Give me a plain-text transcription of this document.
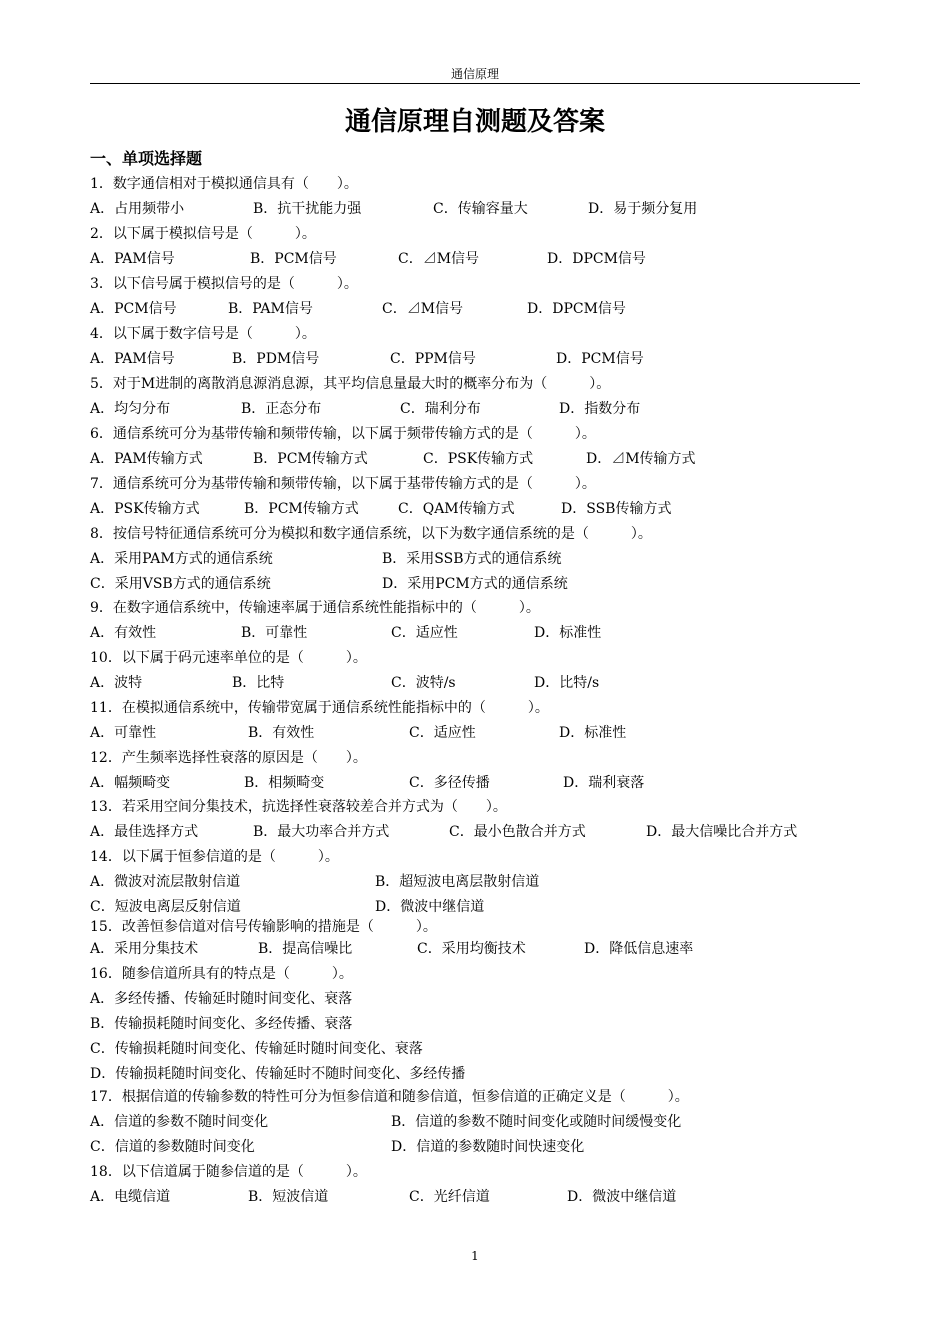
通信原理
通信原理自测题及答案
一、单项选择题
1．数字通信相对于模拟通信具有（　　）。
A．占用频带小	B．抗干扰能力强	C．传输容量大	D．易于频分复用
2．以下属于模拟信号是（　　　）。
A．PAM信号	B．PCM信号	C．⊿M信号	D．DPCM信号
3．以下信号属于模拟信号的是（　　　）。
A．PCM信号	B．PAM信号	C．⊿M信号	D．DPCM信号
4．以下属于数字信号是（　　　）。
A．PAM信号	B．PDM信号	C．PPM信号	D．PCM信号
5．对于M进制的离散消息源消息源，其平均信息量最大时的概率分布为（　　　）。
A．均匀分布	B．正态分布	C．瑞利分布	D．指数分布
6．通信系统可分为基带传输和频带传输，以下属于频带传输方式的是（　　　）。
A．PAM传输方式	B．PCM传输方式	C．PSK传输方式	D．⊿M传输方式
7．通信系统可分为基带传输和频带传输，以下属于基带传输方式的是（　　　）。
A．PSK传输方式	B．PCM传输方式	C．QAM传输方式	D．SSB传输方式
8．按信号特征通信系统可分为模拟和数字通信系统，以下为数字通信系统的是（　　　）。
A．采用PAM方式的通信系统	B．采用SSB方式的通信系统
C．采用VSB方式的通信系统	D．采用PCM方式的通信系统
9．在数字通信系统中，传输速率属于通信系统性能指标中的（　　　）。
A．有效性	B．可靠性	C．适应性	D．标准性
10．以下属于码元速率单位的是（　　　）。
A．波特	B．比特	C．波特/s	D．比特/s
11．在模拟通信系统中，传输带宽属于通信系统性能指标中的（　　　）。
A．可靠性	B．有效性	C．适应性	D．标准性
12．产生频率选择性衰落的原因是（　　）。
A．幅频畸变	B．相频畸变	C．多径传播	D．瑞利衰落
13．若采用空间分集技术，抗选择性衰落较差合并方式为（　　）。
A．最佳选择方式	B．最大功率合并方式	C．最小色散合并方式	D．最大信噪比合并方式
14．以下属于恒参信道的是（　　　）。
A．微波对流层散射信道	B．超短波电离层散射信道
C．短波电离层反射信道	D．微波中继信道
15．改善恒参信道对信号传输影响的措施是（　　　）。
A．采用分集技术	B．提高信噪比	C．采用均衡技术	D．降低信息速率
16．随参信道所具有的特点是（　　　）。
A．多经传播、传输延时随时间变化、衰落
B．传输损耗随时间变化、多经传播、衰落
C．传输损耗随时间变化、传输延时随时间变化、衰落
D．传输损耗随时间变化、传输延时不随时间变化、多经传播
17．根据信道的传输参数的特性可分为恒参信道和随参信道，恒参信道的正确定义是（　　　）。
A．信道的参数不随时间变化	B．信道的参数不随时间变化或随时间缓慢变化
C．信道的参数随时间变化	D．信道的参数随时间快速变化
18．以下信道属于随参信道的是（　　　）。
A．电缆信道	B．短波信道	C．光纤信道	D．微波中继信道
1
